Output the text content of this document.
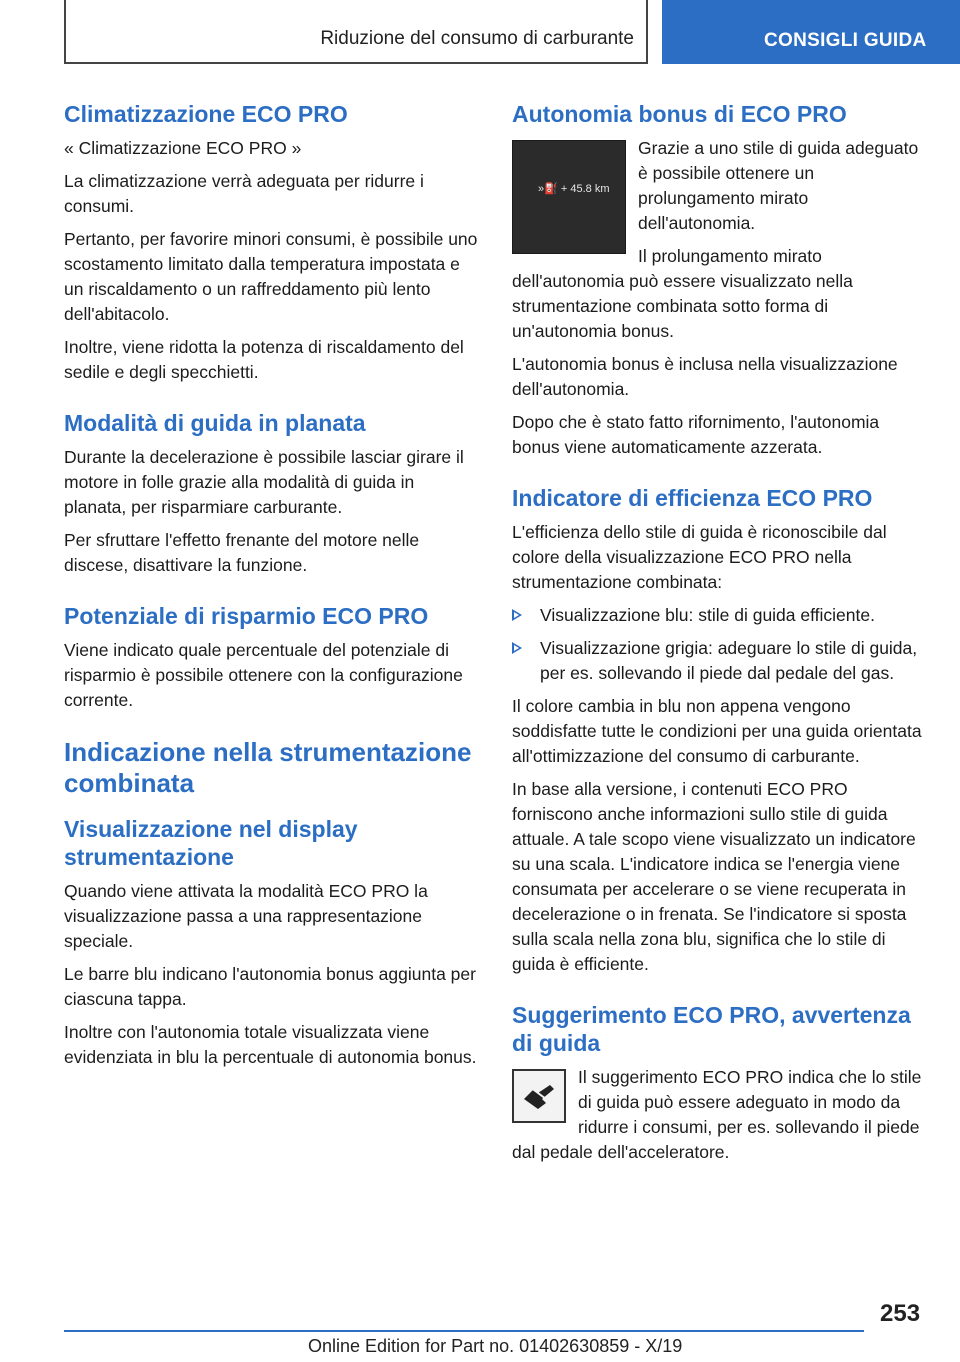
Riduzione del consumo di carburante	CONSIGLI GUIDA
Climatizzazione ECO PRO

« Climatizzazione ECO PRO »

La climatizzazione verrà adeguata per ridurre i consumi.

Pertanto, per favorire minori consumi, è possibile uno scostamento limitato dalla temperatura impostata e un riscaldamento o un raffreddamento più lento dell'abitacolo.

Inoltre, viene ridotta la potenza di riscaldamento del sedile e degli specchietti.

Modalità di guida in planata

Durante la decelerazione è possibile lasciar girare il motore in folle grazie alla modalità di guida in planata, per risparmiare carburante.

Per sfruttare l'effetto frenante del motore nelle discese, disattivare la funzione.

Potenziale di risparmio ECO PRO

Viene indicato quale percentuale del potenziale di risparmio è possibile ottenere con la configurazione corrente.

Indicazione nella strumentazione combinata
Visualizzazione nel display strumentazione

Quando viene attivata la modalità ECO PRO la visualizzazione passa a una rappresentazione speciale.

Le barre blu indicano l'autonomia bonus aggiunta per ciascuna tappa.

Inoltre con l'autonomia totale visualizzata viene evidenziata in blu la percentuale di autonomia bonus.

Autonomia bonus di ECO PRO
»⛽ + 45.8 km

Grazie a uno stile di guida adeguato è possibile ottenere un prolungamento mirato dell'autonomia.

Il prolungamento mirato dell'autonomia può essere visualizzato nella strumentazione combinata sotto forma di un'autonomia bonus.

L'autonomia bonus è inclusa nella visualizzazione dell'autonomia.

Dopo che è stato fatto rifornimento, l'autonomia bonus viene automaticamente azzerata.

Indicatore di efficienza ECO PRO

L'efficienza dello stile di guida è riconoscibile dal colore della visualizzazione ECO PRO nella strumentazione combinata:

Visualizzazione blu: stile di guida efficiente.
Visualizzazione grigia: adeguare lo stile di guida, per es. sollevando il piede dal pedale del gas.

Il colore cambia in blu non appena vengono soddisfatte tutte le condizioni per una guida orientata all'ottimizzazione del consumo di carburante.

In base alla versione, i contenuti ECO PRO forniscono anche informazioni sullo stile di guida attuale. A tale scopo viene visualizzato un indicatore su una scala. L'indicatore indica se l'energia viene consumata per accelerare o se viene recuperata in decelerazione o in frenata. Se l'indicatore si sposta sulla scala nella zona blu, significa che lo stile di guida è efficiente.

Suggerimento ECO PRO, avvertenza di guida

Il suggerimento ECO PRO indica che lo stile di guida può essere adeguato in modo da ridurre i consumi, per es. sollevando il piede dal pedale dell'acceleratore.

253
Online Edition for Part no. 01402630859 - X/19
